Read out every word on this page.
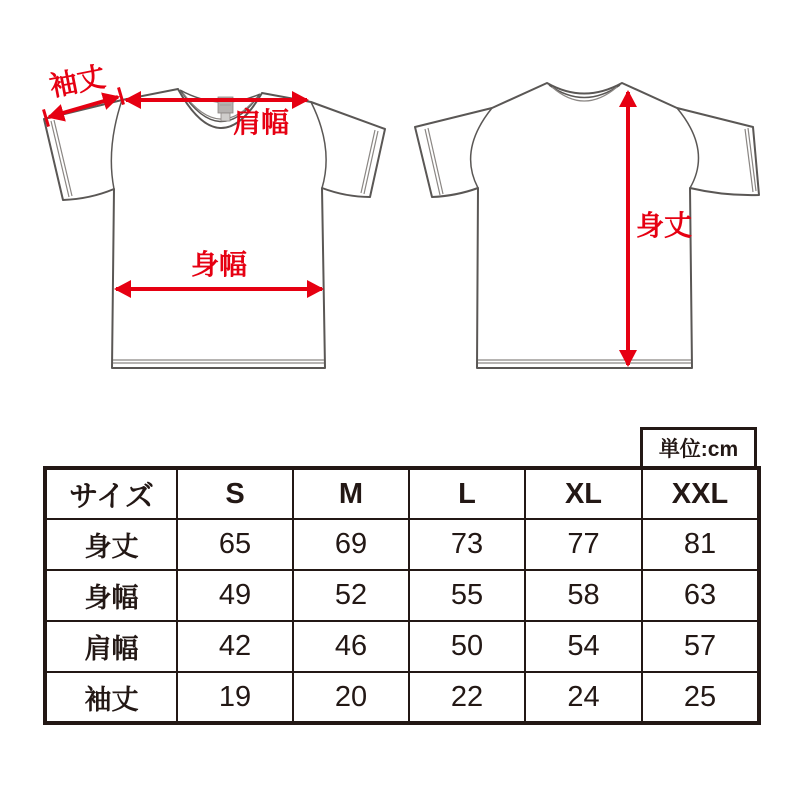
袖丈
肩幅
身幅
身丈
単位:cm
サイズ	S	M	L	XL	XXL
身丈	65	69	73	77	81
身幅	49	52	55	58	63
肩幅	42	46	50	54	57
袖丈	19	20	22	24	25
